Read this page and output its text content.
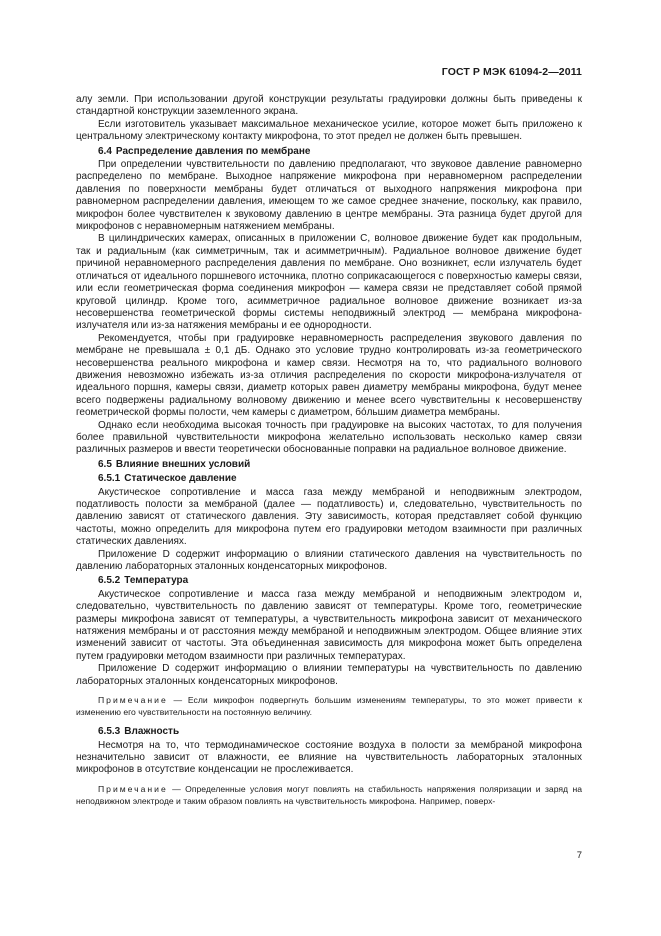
ГОСТ Р МЭК 61094-2—2011

алу земли. При использовании другой конструкции результаты градуировки должны быть приведены к стандартной конструкции заземленного экрана.

Если изготовитель указывает максимальное механическое усилие, которое может быть приложено к центральному электрическому контакту микрофона, то этот предел не должен быть превышен.

6.4 Распределение давления по мембране

При определении чувствительности по давлению предполагают, что звуковое давление равномерно распределено по мембране. Выходное напряжение микрофона при неравномерном распределении давления по поверхности мембраны будет отличаться от выходного напряжения микрофона при равномерном распределении давления, имеющем то же самое среднее значение, поскольку, как правило, микрофон более чувствителен к звуковому давлению в центре мембраны. Эта разница будет другой для микрофонов с неравномерным натяжением мембраны.

В цилиндрических камерах, описанных в приложении C, волновое движение будет как продольным, так и радиальным (как симметричным, так и асимметричным). Радиальное волновое движение будет причиной неравномерного распределения давления по мембране. Оно возникнет, если излучатель будет отличаться от идеального поршневого источника, плотно соприкасающегося с поверхностью камеры связи, или если геометрическая форма соединения микрофон — камера связи не представляет собой прямой круговой цилиндр. Кроме того, асимметричное радиальное волновое движение возникает из-за несовершенства геометрической формы системы неподвижный электрод — мембрана микрофона-излучателя или из-за натяжения мембраны и ее однородности.

Рекомендуется, чтобы при градуировке неравномерность распределения звукового давления по мембране не превышала ± 0,1 дБ. Однако это условие трудно контролировать из-за геометрического несовершенства реального микрофона и камер связи. Несмотря на то, что радиального волнового движения невозможно избежать из-за отличия распределения по скорости микрофона-излучателя от идеального поршня, камеры связи, диаметр которых равен диаметру мембраны микрофона, будут менее всего подвержены радиальному волновому движению и менее всего чувствительны к несовершенству геометрической формы полости, чем камеры с диаметром, бóльшим диаметра мембраны.

Однако если необходима высокая точность при градуировке на высоких частотах, то для получения более правильной чувствительности микрофона желательно использовать несколько камер связи различных размеров и ввести теоретически обоснованные поправки на радиальное волновое движение.

6.5 Влияние внешних условий
6.5.1 Статическое давление

Акустическое сопротивление и масса газа между мембраной и неподвижным электродом, податливость полости за мембраной (далее — податливость) и, следовательно, чувствительность по давлению зависят от статического давления. Эту зависимость, которая представляет собой функцию частоты, можно определить для микрофона путем его градуировки методом взаимности при различных статических давлениях.

Приложение D содержит информацию о влиянии статического давления на чувствительность по давлению лабораторных эталонных конденсаторных микрофонов.

6.5.2 Температура

Акустическое сопротивление и масса газа между мембраной и неподвижным электродом и, следовательно, чувствительность по давлению зависят от температуры. Кроме того, геометрические размеры микрофона зависят от температуры, а чувствительность микрофона зависит от механического натяжения мембраны и от расстояния между мембраной и неподвижным электродом. Общее влияние этих изменений зависит от частоты. Эта объединенная зависимость для микрофона может быть определена путем градуировки методом взаимности при различных температурах.

Приложение D содержит информацию о влиянии температуры на чувствительность по давлению лабораторных эталонных конденсаторных микрофонов.

Примечание — Если микрофон подвергнуть большим изменениям температуры, то это может привести к изменению его чувствительности на постоянную величину.

6.5.3 Влажность

Несмотря на то, что термодинамическое состояние воздуха в полости за мембраной микрофона незначительно зависит от влажности, ее влияние на чувствительность лабораторных эталонных микрофонов в отсутствие конденсации не прослеживается.

Примечание — Определенные условия могут повлиять на стабильность напряжения поляризации и заряд на неподвижном электроде и таким образом повлиять на чувствительность микрофона. Например, поверх-

7
